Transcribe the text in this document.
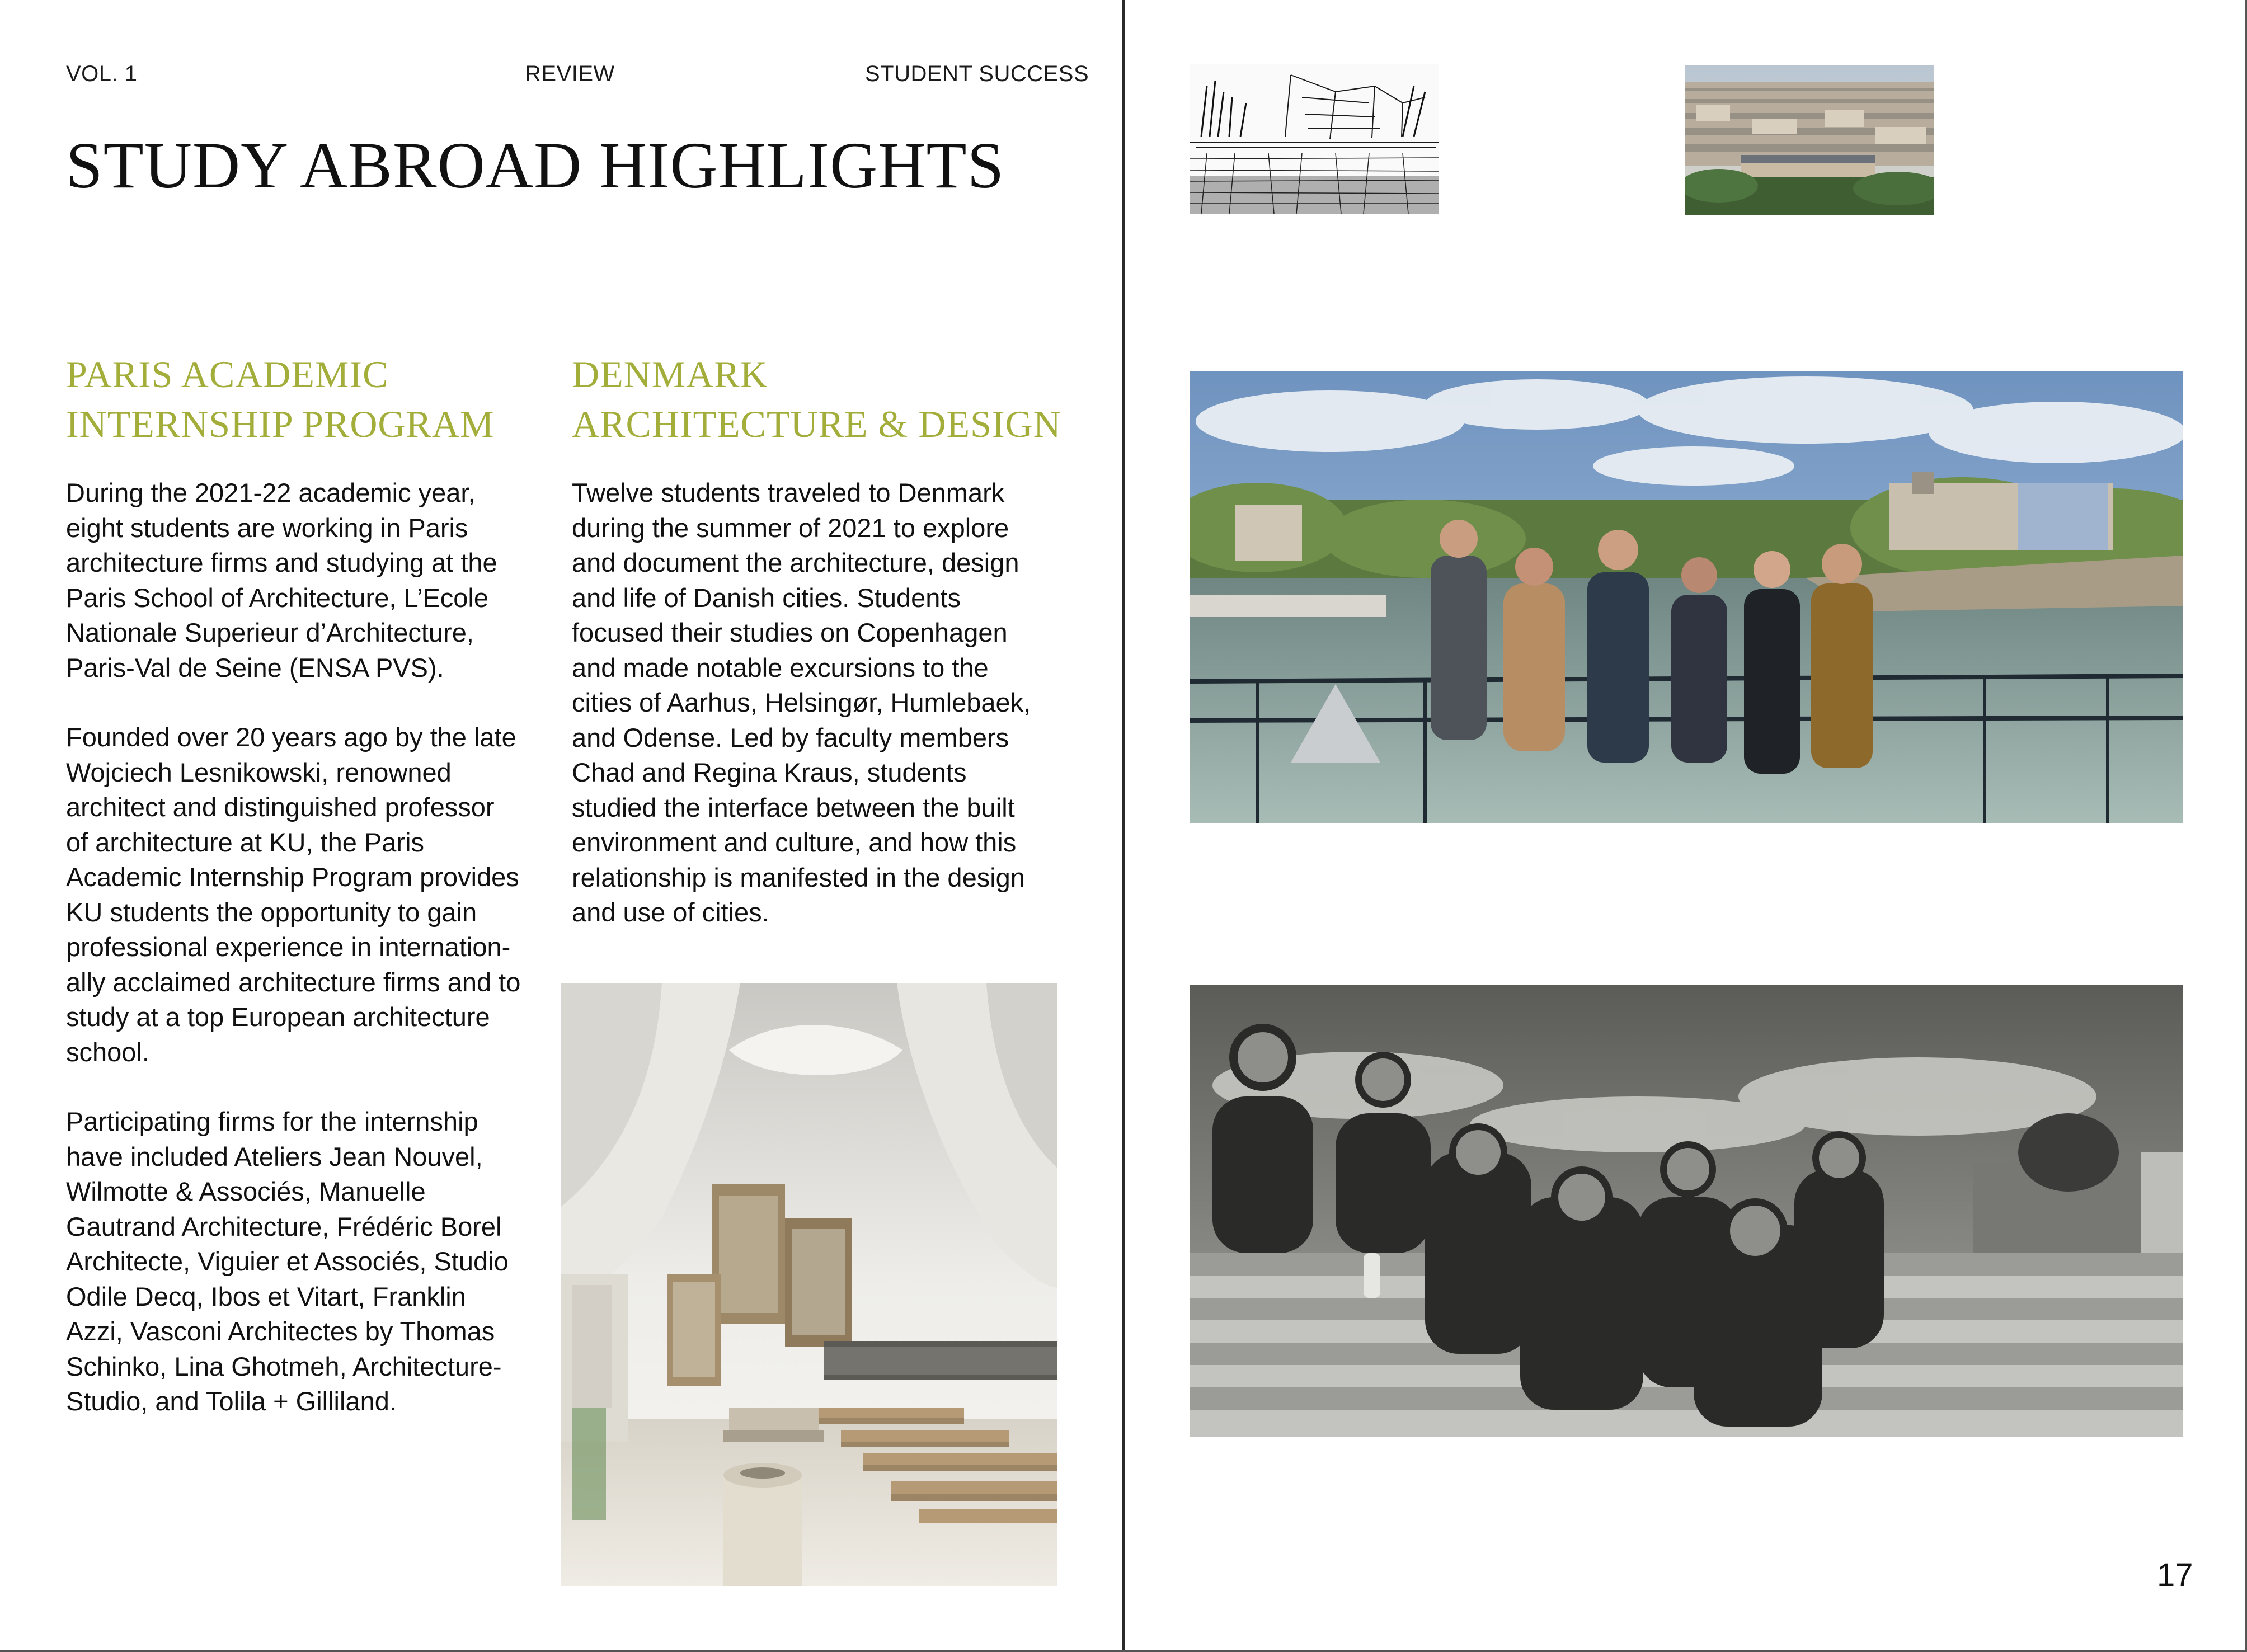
VOL. 1	REVIEW	STUDENT SUCCESS
STUDY ABROAD HIGHLIGHTS
PARIS ACADEMIC
INTERNSHIP PROGRAM
DENMARK
ARCHITECTURE & DESIGN

During the 2021-22 academic year,
eight students are working in Paris
architecture firms and studying at the
Paris School of Architecture, L’Ecole
Nationale Superieur d’Architecture,
Paris-Val de Seine (ENSA PVS).

Founded over 20 years ago by the late
Wojciech Lesnikowski, renowned
architect and distinguished professor
of architecture at KU, the Paris
Academic Internship Program provides
KU students the opportunity to gain
professional experience in internation-
ally acclaimed architecture firms and to
study at a top European architecture
school.

Participating firms for the internship
have included Ateliers Jean Nouvel,
Wilmotte & Associés, Manuelle
Gautrand Architecture, Frédéric Borel
Architecte, Viguier et Associés, Studio
Odile Decq, Ibos et Vitart, Franklin
Azzi, Vasconi Architectes by Thomas
Schinko, Lina Ghotmeh, Architecture-
Studio, and Tolila + Gilliland.

Twelve students traveled to Denmark
during the summer of 2021 to explore
and document the architecture, design
and life of Danish cities. Students
focused their studies on Copenhagen
and made notable excursions to the
cities of Aarhus, Helsingør, Humlebaek,
and Odense. Led by faculty members
Chad and Regina Kraus, students
studied the interface between the built
environment and culture, and how this
relationship is manifested in the design
and use of cities.

17
